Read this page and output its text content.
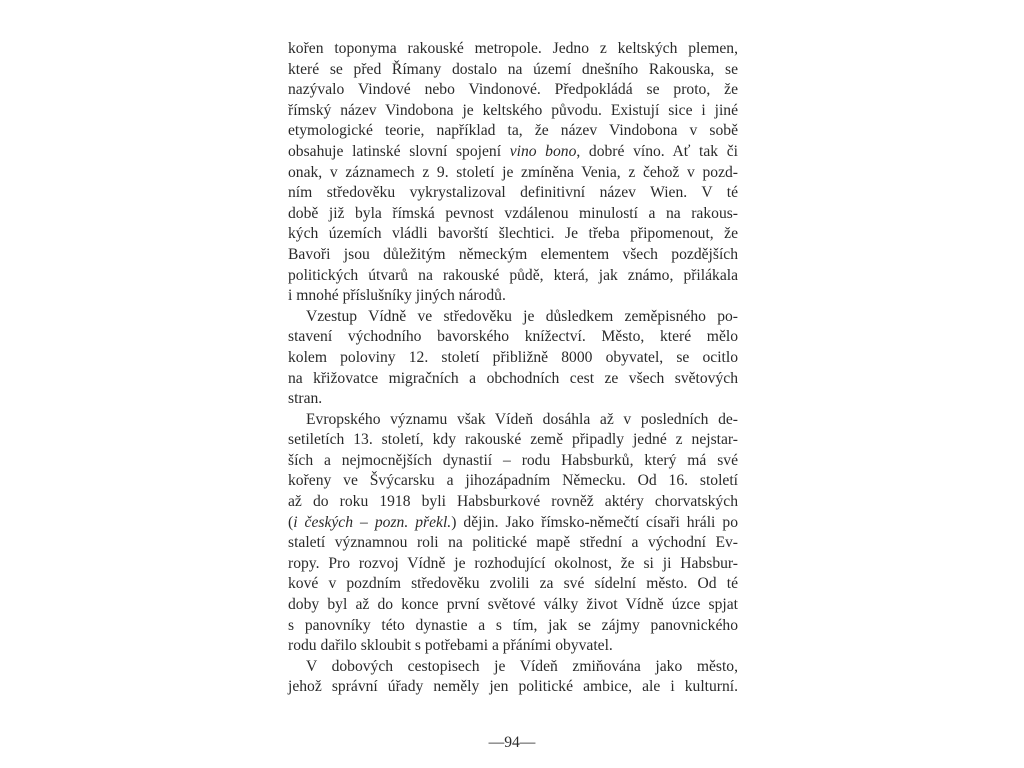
kořen toponyma rakouské metropole. Jedno z keltských plemen,
které se před Římany dostalo na území dnešního Rakouska, se
nazývalo Vindové nebo Vindonové. Předpokládá se proto, že
římský název Vindobona je keltského původu. Existují sice i jiné
etymologické teorie, například ta, že název Vindobona v sobě
obsahuje latinské slovní spojení vino bono, dobré víno. Ať tak či
onak, v záznamech z 9. století je zmíněna Venia, z čehož v pozd-
ním středověku vykrystalizoval definitivní název Wien. V té
době již byla římská pevnost vzdálenou minulostí a na rakous-
kých územích vládli bavorští šlechtici. Je třeba připomenout, že
Bavoři jsou důležitým německým elementem všech pozdějších
politických útvarů na rakouské půdě, která, jak známo, přilákala
i mnohé příslušníky jiných národů.
Vzestup Vídně ve středověku je důsledkem zeměpisného po-
stavení východního bavorského knížectví. Město, které mělo
kolem poloviny 12. století přibližně 8000 obyvatel, se ocitlo
na křižovatce migračních a obchodních cest ze všech světových
stran.
Evropského významu však Vídeň dosáhla až v posledních de-
setiletích 13. století, kdy rakouské země připadly jedné z nejstar-
ších a nejmocnějších dynastií – rodu Habsburků, který má své
kořeny ve Švýcarsku a jihozápadním Německu. Od 16. století
až do roku 1918 byli Habsburkové rovněž aktéry chorvatských
(i českých – pozn. překl.) dějin. Jako římsko-němečtí císaři hráli po
staletí významnou roli na politické mapě střední a východní Ev-
ropy. Pro rozvoj Vídně je rozhodující okolnost, že si ji Habsbur-
kové v pozdním středověku zvolili za své sídelní město. Od té
doby byl až do konce první světové války život Vídně úzce spjat
s panovníky této dynastie a s tím, jak se zájmy panovnického
rodu dařilo skloubit s potřebami a přáními obyvatel.
V dobových cestopisech je Vídeň zmiňována jako město,
jehož správní úřady neměly jen politické ambice, ale i kulturní.
—94—
